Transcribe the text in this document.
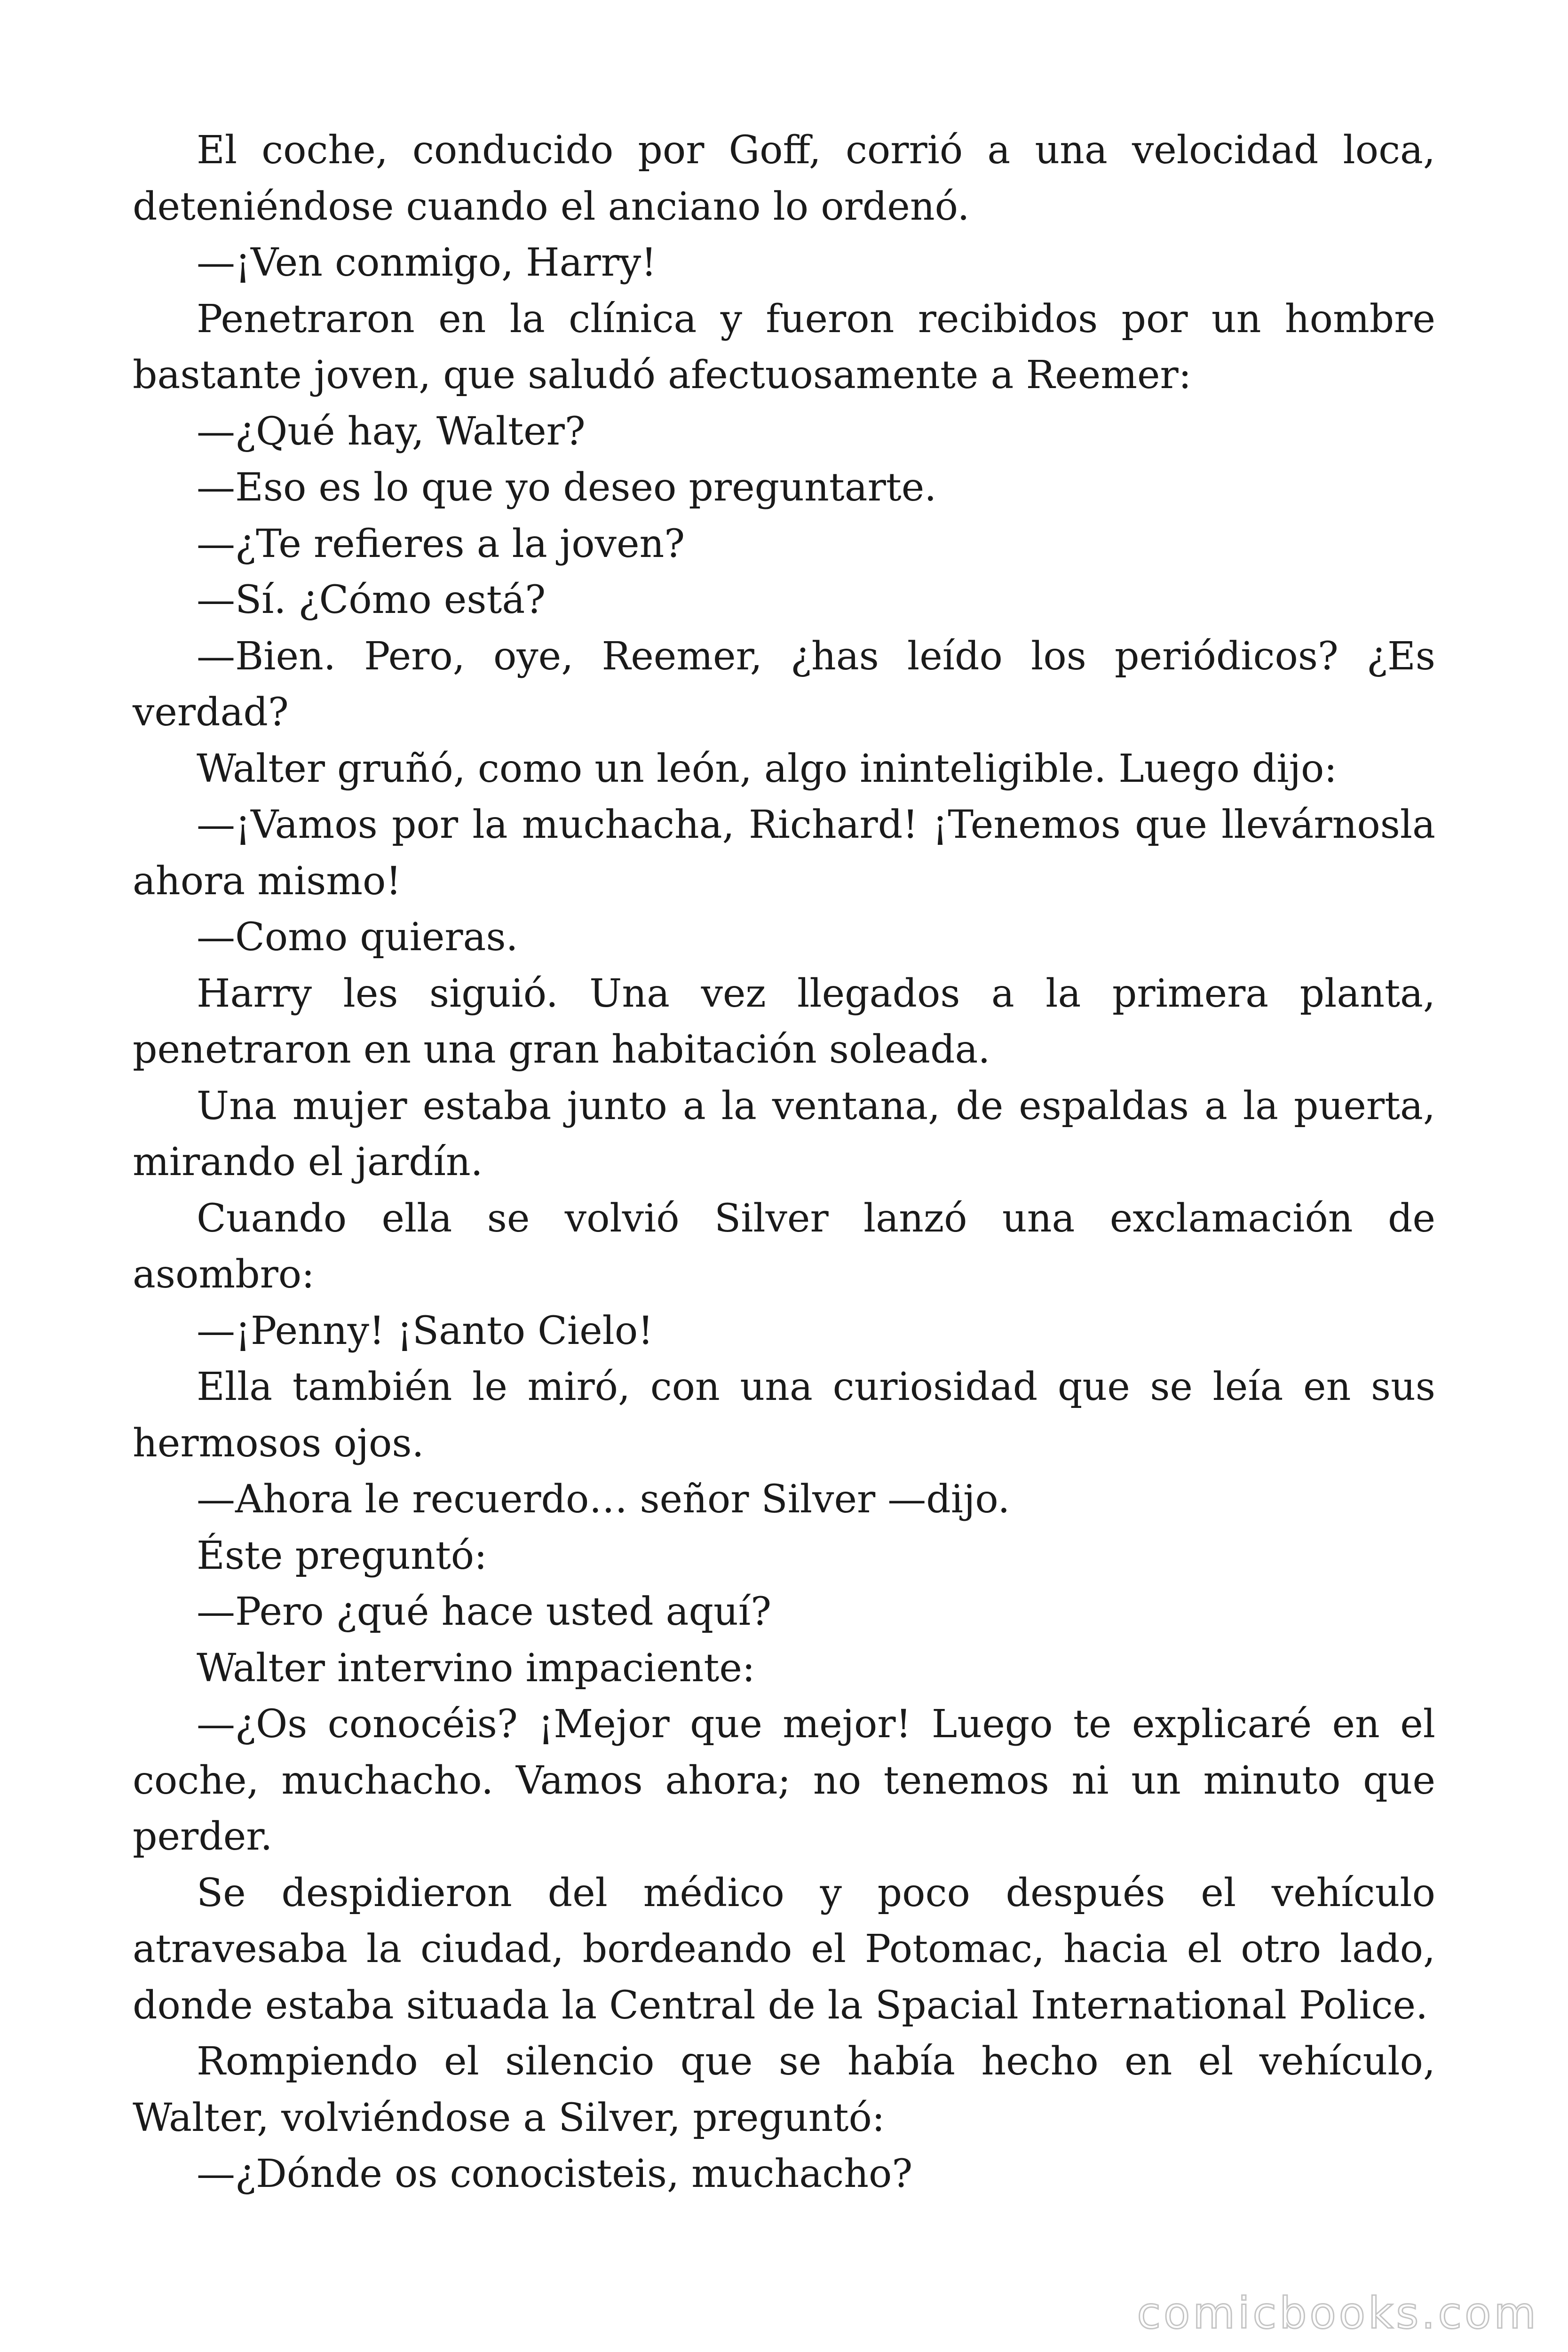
El coche, conducido por Goff, corrió a una velocidad loca, deteniéndose cuando el anciano lo ordenó.

—¡Ven conmigo, Harry!

Penetraron en la clínica y fueron recibidos por un hombre bastante joven, que saludó afectuosamente a Reemer:

—¿Qué hay, Walter?

—Eso es lo que yo deseo preguntarte.

—¿Te refieres a la joven?

—Sí. ¿Cómo está?

—Bien. Pero, oye, Reemer, ¿has leído los periódicos? ¿Es verdad?

Walter gruñó, como un león, algo ininteligible. Luego dijo:

—¡Vamos por la muchacha, Richard! ¡Tenemos que llevárnosla ahora mismo!

—Como quieras.

Harry les siguió. Una vez llegados a la primera planta, penetraron en una gran habitación soleada.

Una mujer estaba junto a la ventana, de espaldas a la puerta, mirando el jardín.

Cuando ella se volvió Silver lanzó una exclamación de asombro:

—¡Penny! ¡Santo Cielo!

Ella también le miró, con una curiosidad que se leía en sus hermosos ojos.

—Ahora le recuerdo… señor Silver —dijo.

Éste preguntó:

—Pero ¿qué hace usted aquí?

Walter intervino impaciente:

—¿Os conocéis? ¡Mejor que mejor! Luego te explicaré en el coche, muchacho. Vamos ahora; no tenemos ni un minuto que perder.

Se despidieron del médico y poco después el vehículo atravesaba la ciudad, bordeando el Potomac, hacia el otro lado, donde estaba situada la Central de la Spacial International Police.

Rompiendo el silencio que se había hecho en el vehículo, Walter, volviéndose a Silver, preguntó:

—¿Dónde os conocisteis, muchacho?

comicbooks.com
